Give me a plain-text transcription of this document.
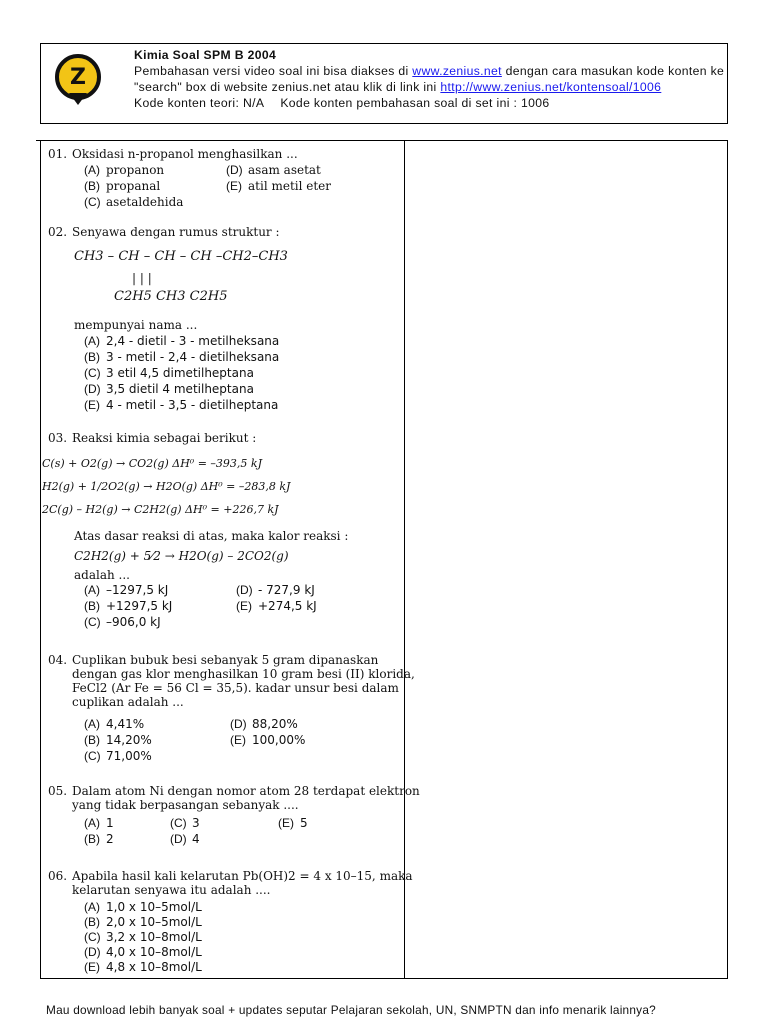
Z
Kimia Soal SPM B 2004
Pembahasan versi video soal ini bisa diakses di www.zenius.net dengan cara masukan kode konten ke
"search" box di website zenius.net atau klik di link ini http://www.zenius.net/kontensoal/1006
Kode konten teori: N/A Kode konten pembahasan soal di set ini : 1006
01. Oksidasi n-propanol menghasilkan ...
(A) propanon	(D) asam asetat
(B) propanal	(E) atil metil eter
(C) asetaldehida
02. Senyawa dengan rumus struktur :
CH3 – CH – CH – CH –CH2–CH3
| | |
C2H5 CH3 C2H5
mempunyai nama ...
(A) 2,4 - dietil - 3 - metilheksana
(B) 3 - metil - 2,4 - dietilheksana
(C) 3 etil 4,5 dimetilheptana
(D) 3,5 dietil 4 metilheptana
(E) 4 - metil - 3,5 - dietilheptana
03. Reaksi kimia sebagai berikut :
C(s) + O2(g) → CO2(g) ΔH⁰ = –393,5 kJ
H2(g) + 1/2O2(g) → H2O(g) ΔH⁰ = –283,8 kJ
2C(g) – H2(g) → C2H2(g) ΔH⁰ = +226,7 kJ
Atas dasar reaksi di atas, maka kalor reaksi :
C2H2(g) + 5⁄2 → H2O(g) – 2CO2(g)
adalah ...
(A) –1297,5 kJ	(D) - 727,9 kJ
(B) +1297,5 kJ	(E) +274,5 kJ
(C) –906,0 kJ
04. Cuplikan bubuk besi sebanyak 5 gram dipanaskan
dengan gas klor menghasilkan 10 gram besi (II) klorida,
FeCl2 (Ar Fe = 56 Cl = 35,5). kadar unsur besi dalam
cuplikan adalah ...
(A) 4,41%	(D) 88,20%
(B) 14,20%	(E) 100,00%
(C) 71,00%
05. Dalam atom Ni dengan nomor atom 28 terdapat elektron
yang tidak berpasangan sebanyak ....
(A) 1	(C) 3	(E) 5
(B) 2	(D) 4
06. Apabila hasil kali kelarutan Pb(OH)2 = 4 x 10–15, maka
kelarutan senyawa itu adalah ....
(A) 1,0 x 10–5mol/L
(B) 2,0 x 10–5mol/L
(C) 3,2 x 10–8mol/L
(D) 4,0 x 10–8mol/L
(E) 4,8 x 10–8mol/L
Mau download lebih banyak soal + updates seputar Pelajaran sekolah, UN, SNMPTN dan info menarik lainnya?
